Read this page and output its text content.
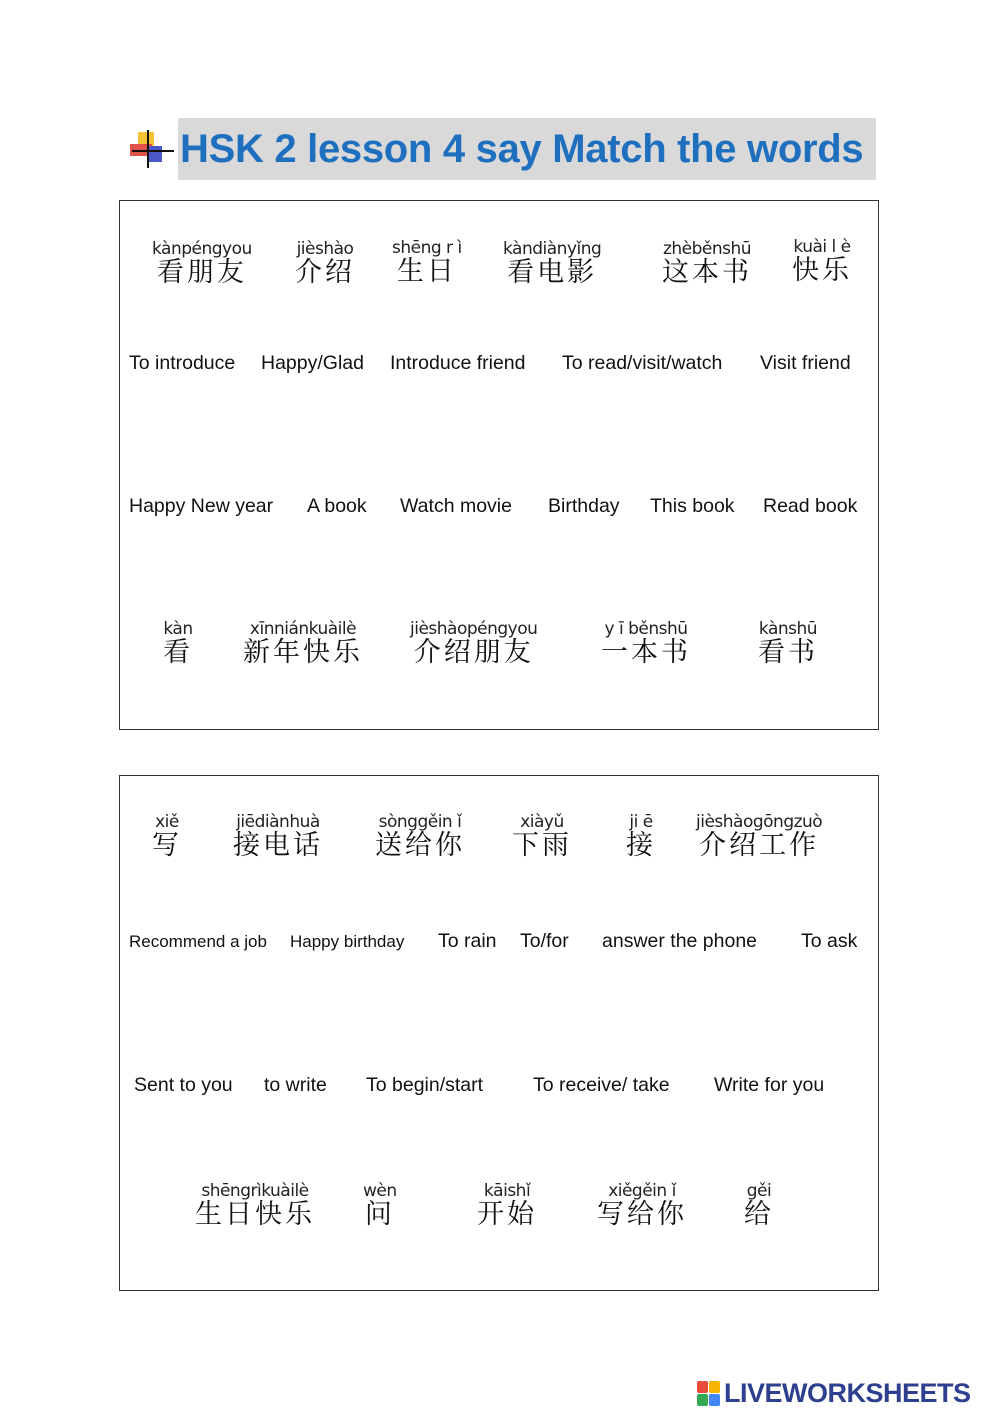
HSK 2 lesson 4 say Match the words
kànpéngyou
看朋友
jièshào
介绍
shēng r ì
生日
kàndiànyǐng
看电影
zhèběnshū
这本书
kuài l è
快乐
To introduce Happy/Glad Introduce friend To read/visit/watch Visit friend
Happy New year A book Watch movie Birthday This book Read book
kàn
看
xīnniánkuàilè
新年快乐
jièshàopéngyou
介绍朋友
y ī běnshū
一本书
kànshū
看书
xiě
写
jiēdiànhuà
接电话
sònggěin ǐ
送给你
xiàyǔ
下雨
ji ē
接
jièshàogōngzuò
介绍工作
Recommend a job Happy birthday To rain To/for answer the phone To ask
Sent to you to write To begin/start	To receive/ take Write for you
shēngrìkuàilè
生日快乐
wèn
问
kāishǐ
开始
xiěgěin ǐ
写给你
gěi
给
LIVEWORKSHEETS
